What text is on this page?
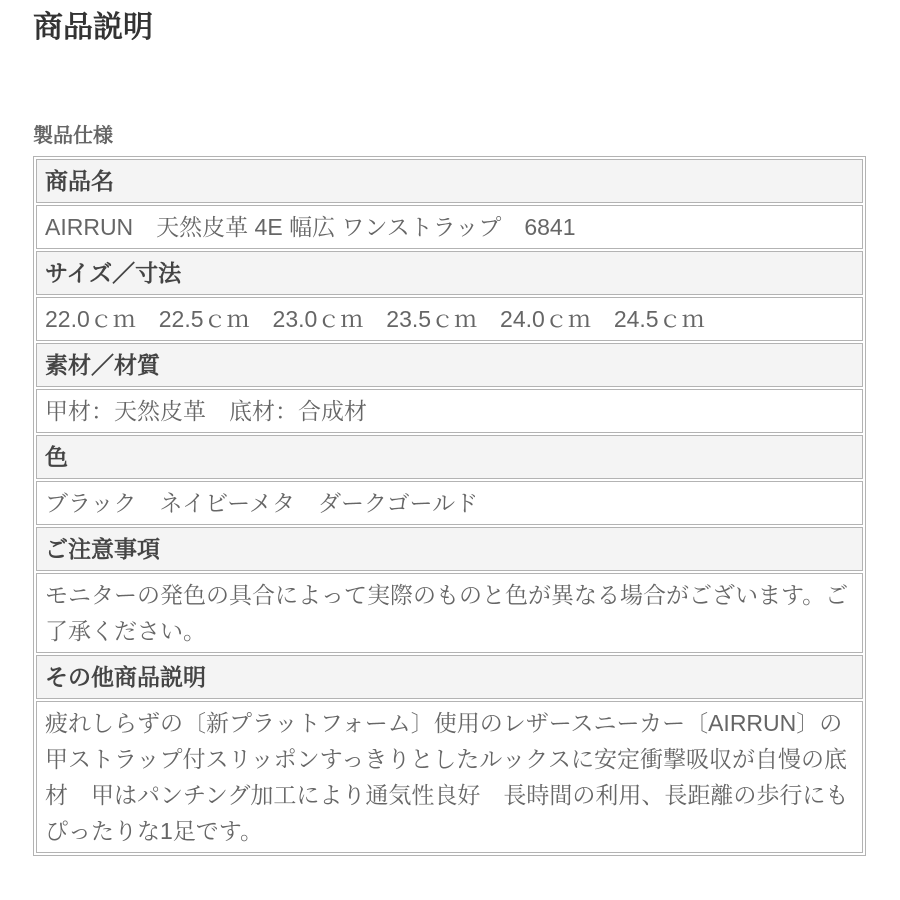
商品説明
製品仕様
商品名
AIRRUN　天然皮革 4E 幅広 ワンストラップ　6841
サイズ／寸法
22.0ｃｍ　22.5ｃｍ　23.0ｃｍ　23.5ｃｍ　24.0ｃｍ　24.5ｃｍ
素材／材質
甲材：天然皮革　底材：合成材
色
ブラック　ネイビーメタ　ダークゴールド
ご注意事項
モニターの発色の具合によって実際のものと色が異なる場合がございます。ご了承ください。
その他商品説明
疲れしらずの〔新プラットフォーム〕使用のレザースニーカー〔AIRRUN〕の甲ストラップ付スリッポンすっきりとしたルックスに安定衝撃吸収が自慢の底材　甲はパンチング加工により通気性良好　長時間の利用、長距離の歩行にもぴったりな1足です。
